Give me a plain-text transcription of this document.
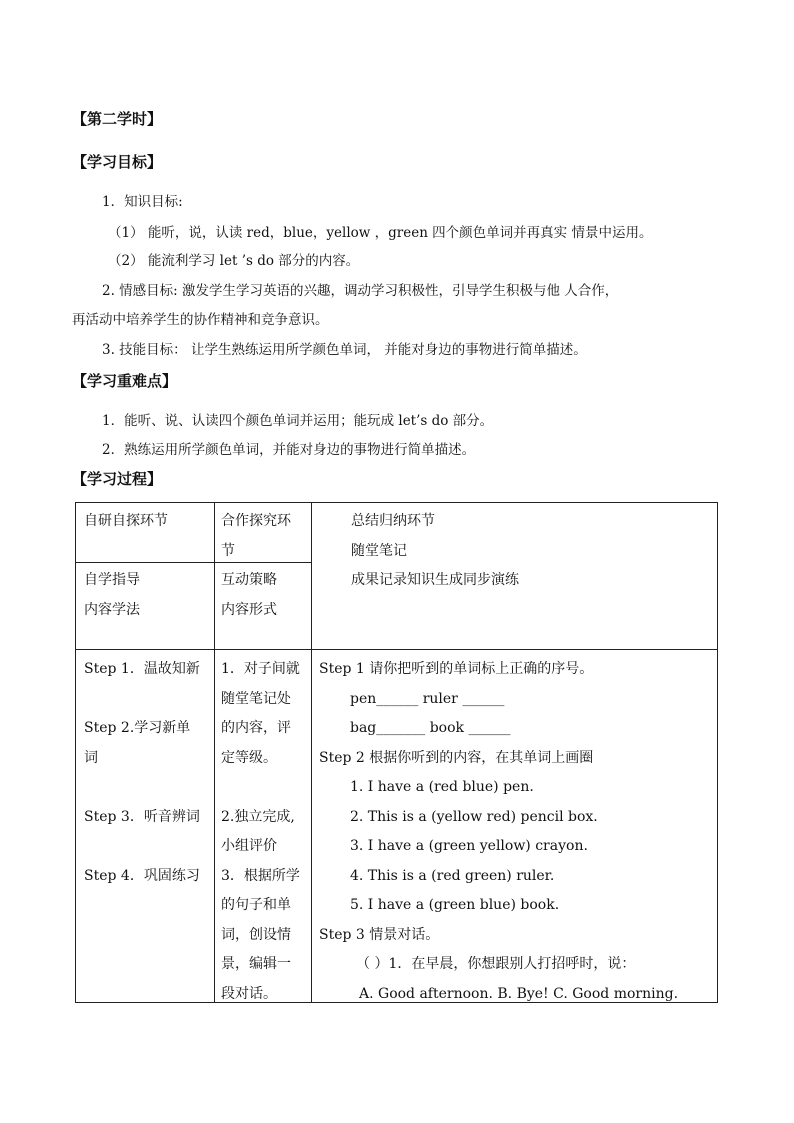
【第二学时】
【学习目标】
1．知识目标:
（1） 能听，说，认读 red，blue，yellow ，green 四个颜色单词并再真实 情景中运用。
（2） 能流利学习 let ’s do 部分的内容。
2. 情感目标: 激发学生学习英语的兴趣，调动学习积极性，引导学生积极与他 人合作，
再活动中培养学生的协作精神和竞争意识。
3. 技能目标： 让学生熟练运用所学颜色单词， 并能对身边的事物进行简单描述。
【学习重难点】
1．能听、说、认读四个颜色单词并运用；能玩成 let’s do 部分。
2．熟练运用所学颜色单词，并能对身边的事物进行简单描述。
【学习过程】
自研自探环节
自学指导
内容学法
合作探究环
节
互动策略
内容形式
总结归纳环节
随堂笔记
成果记录知识生成同步演练
Step 1．温故知新
Step 2.学习新单
词
Step 3．听音辨词
Step 4．巩固练习
1．对子间就
随堂笔记处
的内容，评
定等级。
2.独立完成,
小组评价
3．根据所学
的句子和单
词，创设情
景，编辑一
段对话。
Step 1 请你把听到的单词标上正确的序号。
pen______ ruler ______
bag_______ book ______
Step 2 根据你听到的内容，在其单词上画圈
1. I have a (red blue) pen.
2. This is a (yellow red) pencil box.
3. I have a (green yellow) crayon.
4. This is a (red green) ruler.
5. I have a (green blue) book.
Step 3 情景对话。
（ ）1．在早晨，你想跟别人打招呼时，说：
A. Good afternoon. B. Bye! C. Good morning.
